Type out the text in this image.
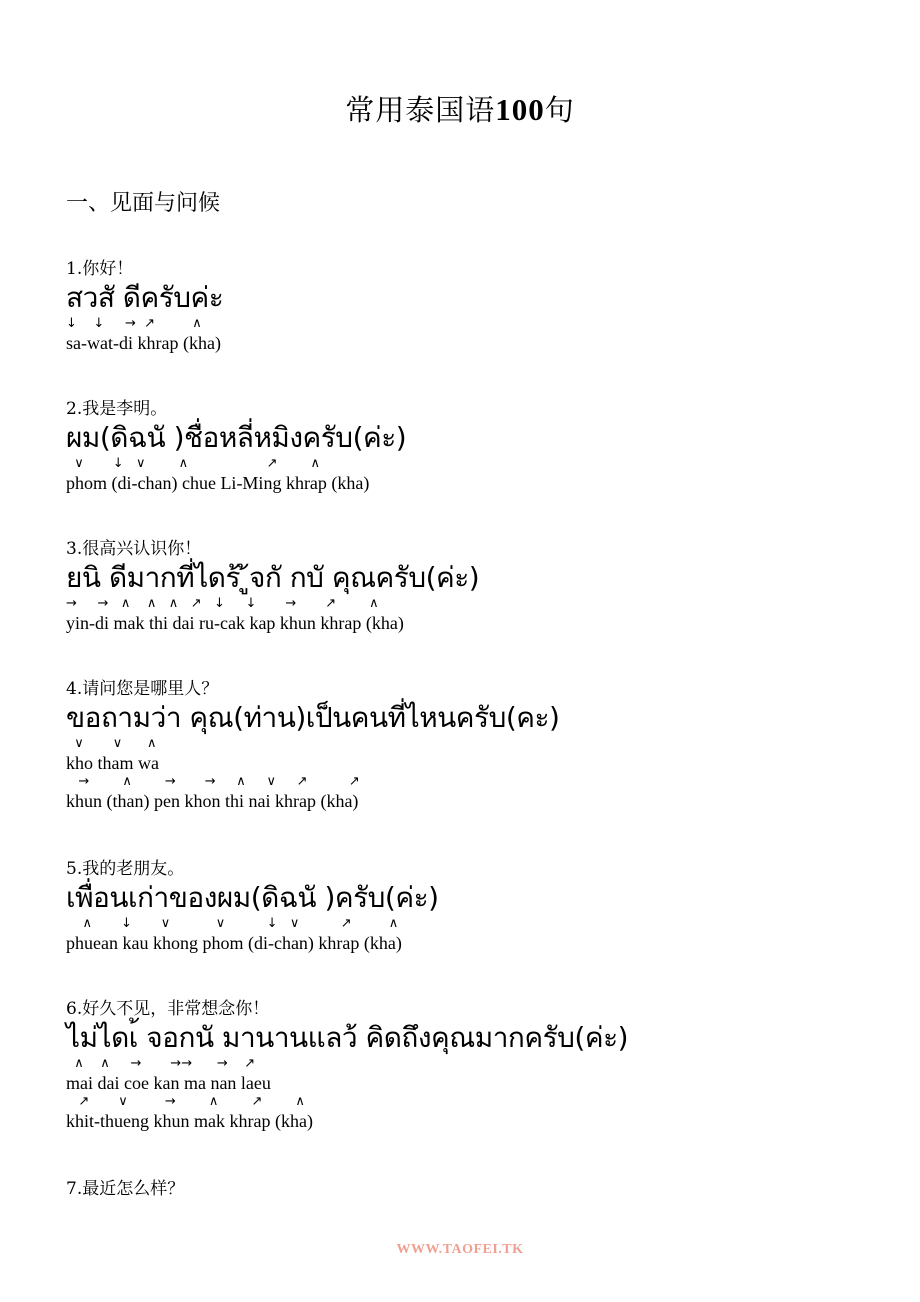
常用泰国语100句
一、见面与问候
1.你好！
สวสั ดีครับค่ะ
↓    ↓     →  ↗         ∧
sa-wat-di khrap (kha)
2.我是李明。
ผม(ดิฉนั )ชื่อหลี่หมิงครับ(ค่ะ)
∨       ↓   ∨        ∧                   ↗        ∧
phom (di-chan) chue Li-Ming khrap (kha)
3.很高兴认识你！
ยนิ ดีมากที่ไดร้ ู้จกั กบั คุณครับ(ค่ะ)
→     →   ∧    ∧   ∧   ↗   ↓     ↓       →       ↗        ∧
yin-di mak thi dai ru-cak kap khun khrap (kha)
4.请问您是哪里人？
ขอถามว่า คุณ(ท่าน)เป็นคนที่ไหนครับ(คะ)
∨       ∨      ∧
kho tham wa
→        ∧        →       →     ∧     ∨     ↗          ↗
khun (than) pen khon thi nai khrap (kha)
5.我的老朋友。
เพื่อนเก่าของผม(ดิฉนั )ครับ(ค่ะ)
∧       ↓       ∨           ∨          ↓   ∨          ↗         ∧
phuean kau khong phom (di-chan) khrap (kha)
6.好久不见，非常想念你！
ไม่ไดเ้ จอกนั มานานแลว้ คิดถึงคุณมากครับ(ค่ะ)
∧    ∧     →       →→      →    ↗
mai dai coe kan ma nan laeu
↗       ∨         →        ∧        ↗        ∧
khit-thueng khun mak khrap (kha)
7.最近怎么样？
WWW.TAOFEI.TK
